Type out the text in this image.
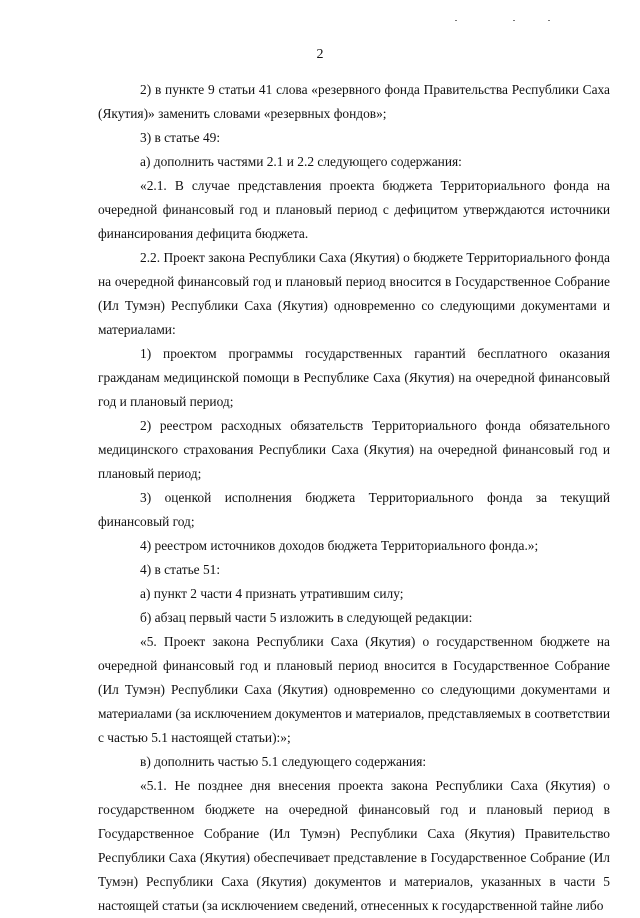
2

2) в пункте 9 статьи 41 слова «резервного фонда Правительства Республики Саха (Якутия)» заменить словами «резервных фондов»;

3) в статье 49:

а) дополнить частями 2.1 и 2.2 следующего содержания:

«2.1. В случае представления проекта бюджета Территориального фонда на очередной финансовый год и плановый период с дефицитом утверждаются источники финансирования дефицита бюджета.

2.2. Проект закона Республики Саха (Якутия) о бюджете Территориального фонда на очередной финансовый год и плановый период вносится в Государственное Собрание (Ил Тумэн) Республики Саха (Якутия) одновременно со следующими документами и материалами:

1) проектом программы государственных гарантий бесплатного оказания гражданам медицинской помощи в Республике Саха (Якутия) на очередной финансовый год и плановый период;

2) реестром расходных обязательств Территориального фонда обязательного медицинского страхования Республики Саха (Якутия) на очередной финансовый год и плановый период;

3) оценкой исполнения бюджета Территориального фонда за текущий финансовый год;

4) реестром источников доходов бюджета Территориального фонда.»;

4) в статье 51:

а) пункт 2 части 4 признать утратившим силу;

б) абзац первый части 5 изложить в следующей редакции:

«5. Проект закона Республики Саха (Якутия) о государственном бюджете на очередной финансовый год и плановый период вносится в Государственное Собрание (Ил Тумэн) Республики Саха (Якутия) одновременно со следующими документами и материалами (за исключением документов и материалов, представляемых в соответствии с частью 5.1 настоящей статьи):»;

в) дополнить частью 5.1 следующего содержания:

«5.1. Не позднее дня внесения проекта закона Республики Саха (Якутия) о государственном бюджете на очередной финансовый год и плановый период в Государственное Собрание (Ил Тумэн) Республики Саха (Якутия) Правительство Республики Саха (Якутия) обеспечивает представление в Государственное Собрание (Ил Тумэн) Республики Саха (Якутия) документов и материалов, указанных в части 5 настоящей статьи (за исключением сведений, отнесенных к государственной тайне либо
